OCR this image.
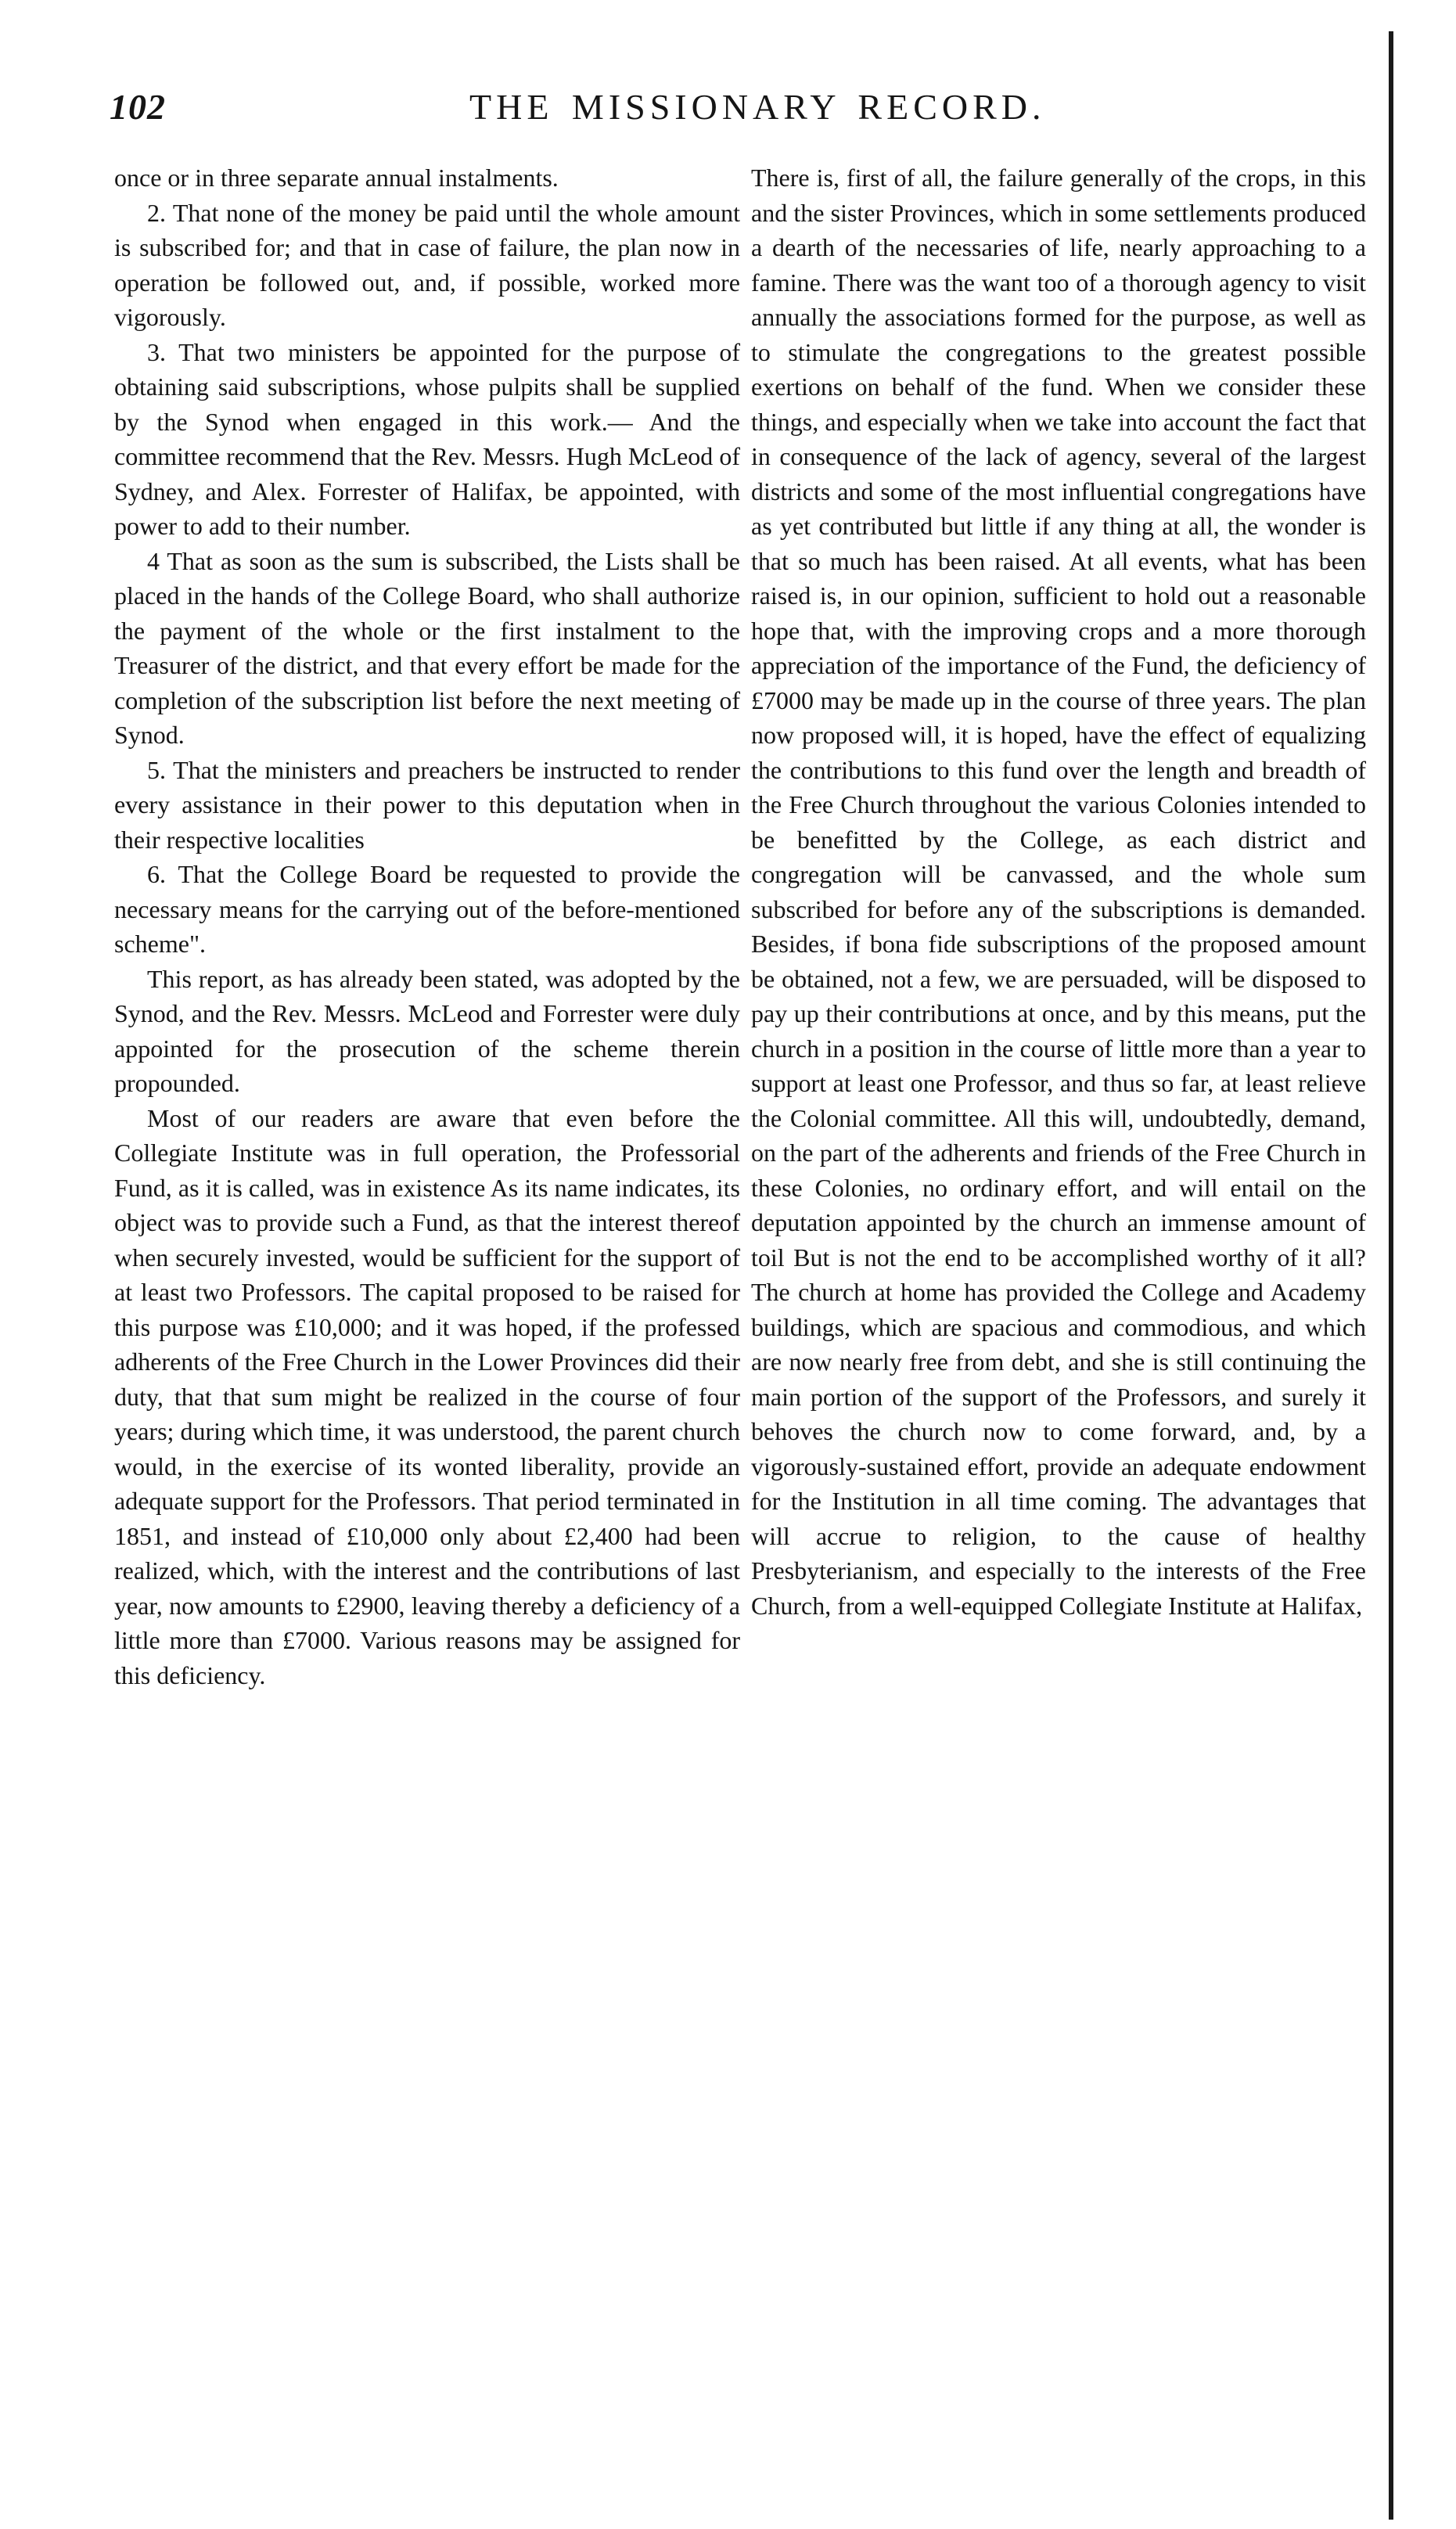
102	THE MISSIONARY RECORD.

once or in three separate annual instalments.

2. That none of the money be paid until the whole amount is subscribed for; and that in case of failure, the plan now in operation be followed out, and, if possible, worked more vigorously.

3. That two ministers be appointed for the purpose of obtaining said subscriptions, whose pulpits shall be supplied by the Synod when engaged in this work.— And the committee recommend that the Rev. Messrs. Hugh McLeod of Sydney, and Alex. Forrester of Halifax, be appointed, with power to add to their number.

4 That as soon as the sum is subscribed, the Lists shall be placed in the hands of the College Board, who shall authorize the payment of the whole or the first instalment to the Treasurer of the district, and that every effort be made for the completion of the subscription list before the next meeting of Synod.

5. That the ministers and preachers be instructed to render every assistance in their power to this deputation when in their respective localities

6. That the College Board be requested to provide the necessary means for the carrying out of the before-mentioned scheme".

This report, as has already been stated, was adopted by the Synod, and the Rev. Messrs. McLeod and Forrester were duly appointed for the prosecution of the scheme therein propounded.

Most of our readers are aware that even before the Collegiate Institute was in full operation, the Professorial Fund, as it is called, was in existence As its name indicates, its object was to provide such a Fund, as that the interest thereof when securely invested, would be sufficient for the support of at least two Professors. The capital proposed to be raised for this purpose was £10,000; and it was hoped, if the professed adherents of the Free Church in the Lower Provinces did their duty, that that sum might be realized in the course of four years; during which time, it was understood, the parent church would, in the exercise of its wonted liberality, provide an adequate support for the Professors. That period terminated in 1851, and instead of £10,000 only about £2,400 had been realized, which, with the interest and the contributions of last year, now amounts to £2900, leaving thereby a deficiency of a little more than £7000. Various reasons may be assigned for this deficiency.

There is, first of all, the failure generally of the crops, in this and the sister Provinces, which in some settlements produced a dearth of the necessaries of life, nearly approaching to a famine. There was the want too of a thorough agency to visit annually the associations formed for the purpose, as well as to stimulate the congregations to the greatest possible exertions on behalf of the fund. When we consider these things, and especially when we take into account the fact that in consequence of the lack of agency, several of the largest districts and some of the most influential congregations have as yet contributed but little if any thing at all, the wonder is that so much has been raised. At all events, what has been raised is, in our opinion, sufficient to hold out a reasonable hope that, with the improving crops and a more thorough appreciation of the importance of the Fund, the deficiency of £7000 may be made up in the course of three years. The plan now proposed will, it is hoped, have the effect of equalizing the contributions to this fund over the length and breadth of the Free Church throughout the various Colonies intended to be benefitted by the College, as each district and congregation will be canvassed, and the whole sum subscribed for before any of the subscriptions is demanded. Besides, if bona fide subscriptions of the proposed amount be obtained, not a few, we are persuaded, will be disposed to pay up their contributions at once, and by this means, put the church in a position in the course of little more than a year to support at least one Professor, and thus so far, at least relieve the Colonial committee. All this will, undoubtedly, demand, on the part of the adherents and friends of the Free Church in these Colonies, no ordinary effort, and will entail on the deputation appointed by the church an immense amount of toil But is not the end to be accomplished worthy of it all? The church at home has provided the College and Academy buildings, which are spacious and commodious, and which are now nearly free from debt, and she is still continuing the main portion of the support of the Professors, and surely it behoves the church now to come forward, and, by a vigorously-sustained effort, provide an adequate endowment for the Institution in all time coming. The advantages that will accrue to religion, to the cause of healthy Presbyterianism, and especially to the interests of the Free Church, from a well-equipped Collegiate Institute at Halifax,
